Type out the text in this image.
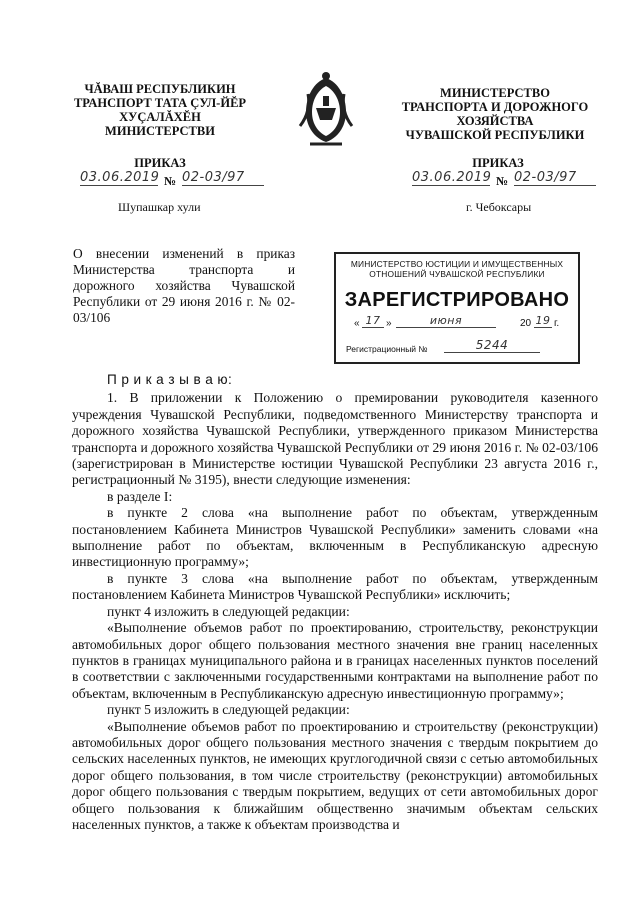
ЧĂВАШ РЕСПУБЛИКИН
ТРАНСПОРТ ТАТА ÇУЛ-ЙĔР
ХУÇАЛĂХĔН
МИНИСТЕРСТВИ
МИНИСТЕРСТВО
ТРАНСПОРТА И ДОРОЖНОГО
ХОЗЯЙСТВА
ЧУВАШСКОЙ РЕСПУБЛИКИ
ПРИКАЗ	ПРИКАЗ
03.06.2019 № 02-03/97	03.06.2019 № 02-03/97
Шупашкар хули	г. Чебоксары
О внесении изменений в приказ Министерства транспорта и дорожного хозяйства Чувашской Республики от 29 июня 2016 г. № 02-03/106
МИНИСТЕРСТВО ЮСТИЦИИ И ИМУЩЕСТВЕННЫХ
ОТНОШЕНИЙ ЧУВАШСКОЙ РЕСПУБЛИКИ
ЗАРЕГИСТРИРОВАНО
« 17 »	июня	20 19 г.
Регистрационный №	5244

П р и к а з ы в а ю:

1. В приложении к Положению о премировании руководителя казенного учреждения Чувашской Республики, подведомственного Министерству транспорта и дорожного хозяйства Чувашской Республики, утвержденного приказом Министерства транспорта и дорожного хозяйства Чувашской Республики от 29 июня 2016 г. № 02-03/106 (зарегистрирован в Министерстве юстиции Чувашской Республики 23 августа 2016 г., регистрационный № 3195), внести следующие изменения:

в разделе I:

в пункте 2 слова «на выполнение работ по объектам, утвержденным постановлением Кабинета Министров Чувашской Республики» заменить словами «на выполнение работ по объектам, включенным в Республиканскую адресную инвестиционную программу»;

в пункте 3 слова «на выполнение работ по объектам, утвержденным постановлением Кабинета Министров Чувашской Республики» исключить;

пункт 4 изложить в следующей редакции:

«Выполнение объемов работ по проектированию, строительству, реконструкции автомобильных дорог общего пользования местного значения вне границ населенных пунктов в границах муниципального района и в границах населенных пунктов поселений в соответствии с заключенными государственными контрактами на выполнение работ по объектам, включенным в Республиканскую адресную инвестиционную программу»;

пункт 5 изложить в следующей редакции:

«Выполнение объемов работ по проектированию и строительству (реконструкции) автомобильных дорог общего пользования местного значения с твердым покрытием до сельских населенных пунктов, не имеющих круглогодичной связи с сетью автомобильных дорог общего пользования, в том числе строительству (реконструкции) автомобильных дорог общего пользования с твердым покрытием, ведущих от сети автомобильных дорог общего пользования к ближайшим общественно значимым объектам сельских населенных пунктов, а также к объектам производства и
